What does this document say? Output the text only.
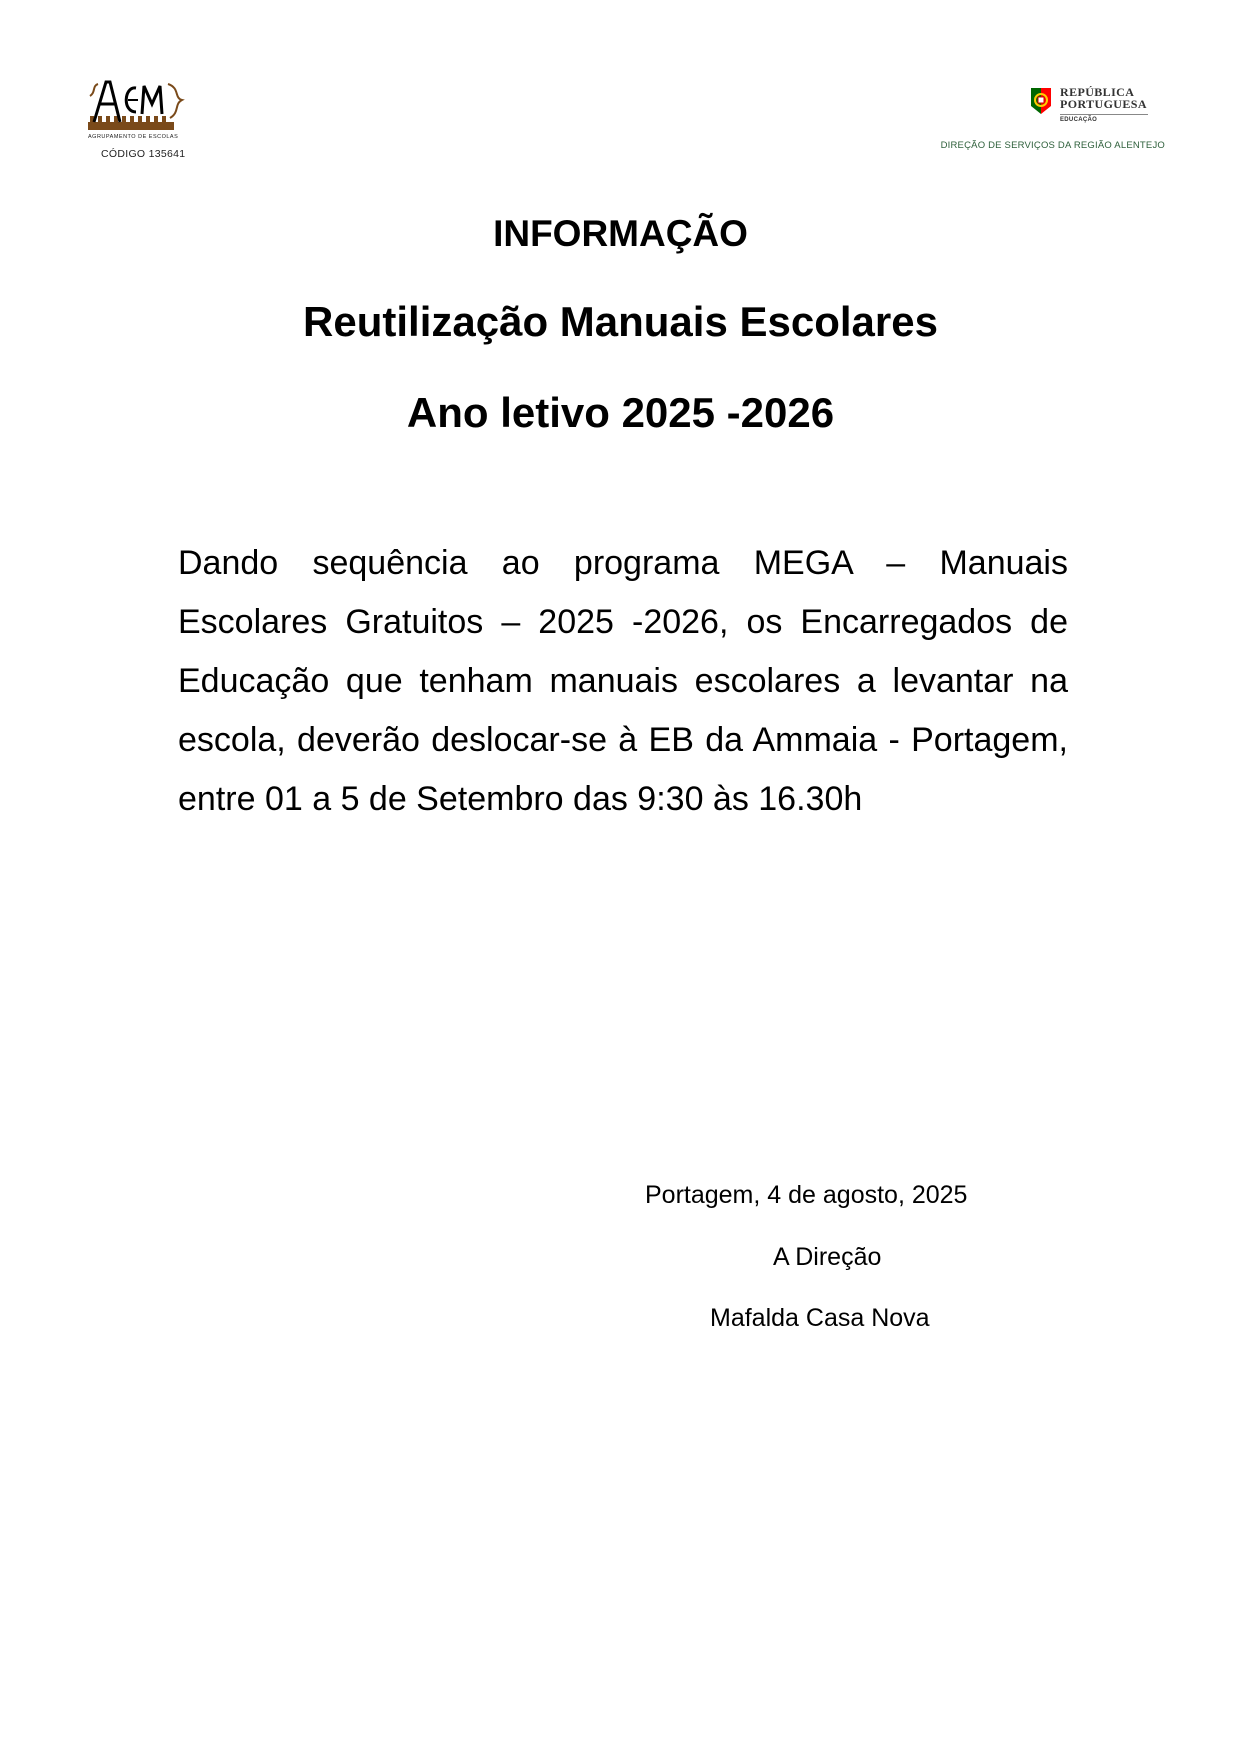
AGRUPAMENTO DE ESCOLAS
CÓDIGO 135641
REPÚBLICA
PORTUGUESA
EDUCAÇÃO
DIREÇÃO DE SERVIÇOS DA REGIÃO ALENTEJO
INFORMAÇÃO
Reutilização Manuais Escolares
Ano letivo 2025 -2026
Dando sequência ao programa MEGA – Manuais Escolares Gratuitos – 2025 -2026, os Encarregados de Educação que tenham manuais escolares a levantar na escola, deverão deslocar-se à EB da Ammaia - Portagem,  entre 01 a 5 de Setembro das 9:30 às 16.30h
Portagem, 4 de agosto, 2025
A Direção
Mafalda Casa Nova
